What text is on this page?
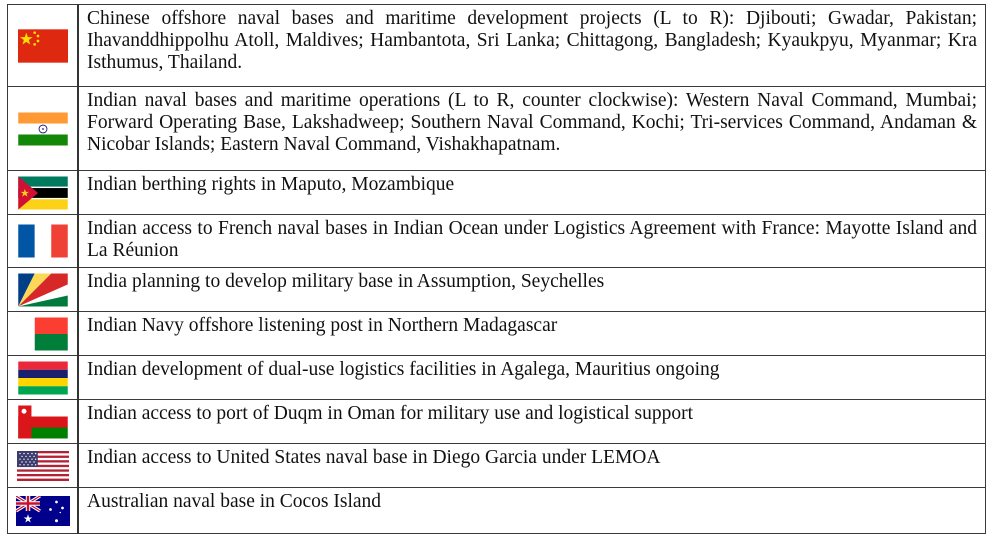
	Chinese offshore naval bases and maritime development projects (L to R): Djibouti; Gwadar, Pakistan; Ihavanddhippolhu Atoll, Maldives; Hambantota, Sri Lanka; Chittagong, Bangladesh; Kyaukpyu, Myanmar; Kra Isthumus, Thailand.

	Indian naval bases and maritime operations (L to R, counter clockwise): Western Naval Command, Mumbai; Forward Operating Base, Lakshadweep; Southern Naval Command, Kochi; Tri-services Command, Andaman & Nicobar Islands; Eastern Naval Command, Vishakhapatnam.

	Indian berthing rights in Maputo, Mozambique

	Indian access to French naval bases in Indian Ocean under Logistics Agreement with France: Mayotte Island and La Réunion

	India planning to develop military base in Assumption, Seychelles

	Indian Navy offshore listening post in Northern Madagascar

	Indian development of dual-use logistics facilities in Agalega, Mauritius ongoing

	Indian access to port of Duqm in Oman for military use and logistical support

	Indian access to United States naval base in Diego Garcia under LEMOA

	Australian naval base in Cocos Island
